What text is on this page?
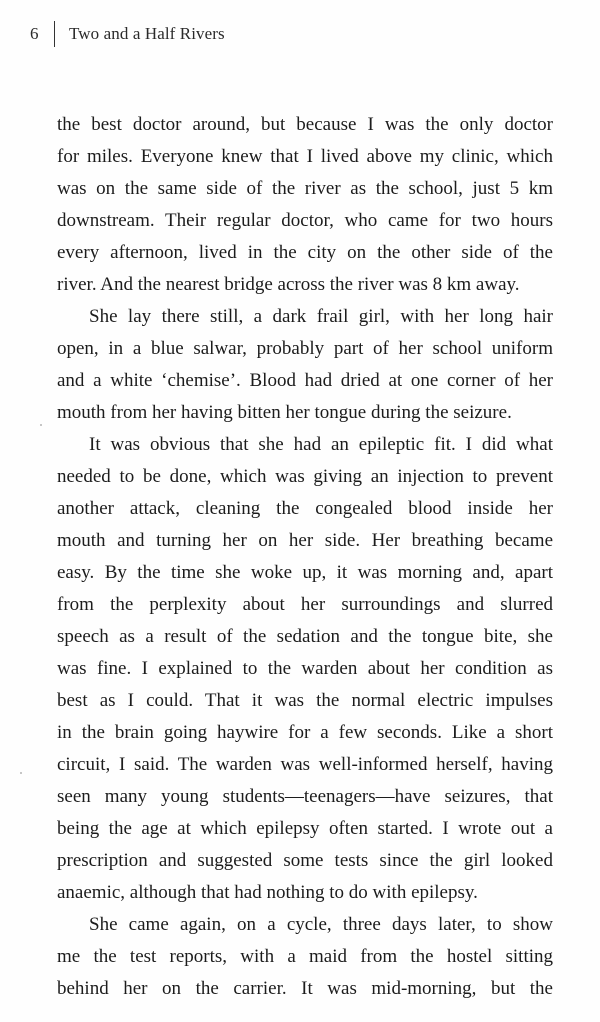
6	Two and a Half Rivers
the best doctor around, but because I was the only doctor
for miles. Everyone knew that I lived above my clinic, which
was on the same side of the river as the school, just 5 km
downstream. Their regular doctor, who came for two hours
every afternoon, lived in the city on the other side of the
river. And the nearest bridge across the river was 8 km away.
She lay there still, a dark frail girl, with her long hair
open, in a blue salwar, probably part of her school uniform
and a white ‘chemise’. Blood had dried at one corner of her
mouth from her having bitten her tongue during the seizure.
It was obvious that she had an epileptic fit. I did what
needed to be done, which was giving an injection to prevent
another attack, cleaning the congealed blood inside her
mouth and turning her on her side. Her breathing became
easy. By the time she woke up, it was morning and, apart
from the perplexity about her surroundings and slurred
speech as a result of the sedation and the tongue bite, she
was fine. I explained to the warden about her condition as
best as I could. That it was the normal electric impulses
in the brain going haywire for a few seconds. Like a short
circuit, I said. The warden was well-informed herself, having
seen many young students—teenagers—have seizures, that
being the age at which epilepsy often started. I wrote out a
prescription and suggested some tests since the girl looked
anaemic, although that had nothing to do with epilepsy.
She came again, on a cycle, three days later, to show
me the test reports, with a maid from the hostel sitting
behind her on the carrier. It was mid-morning, but the
